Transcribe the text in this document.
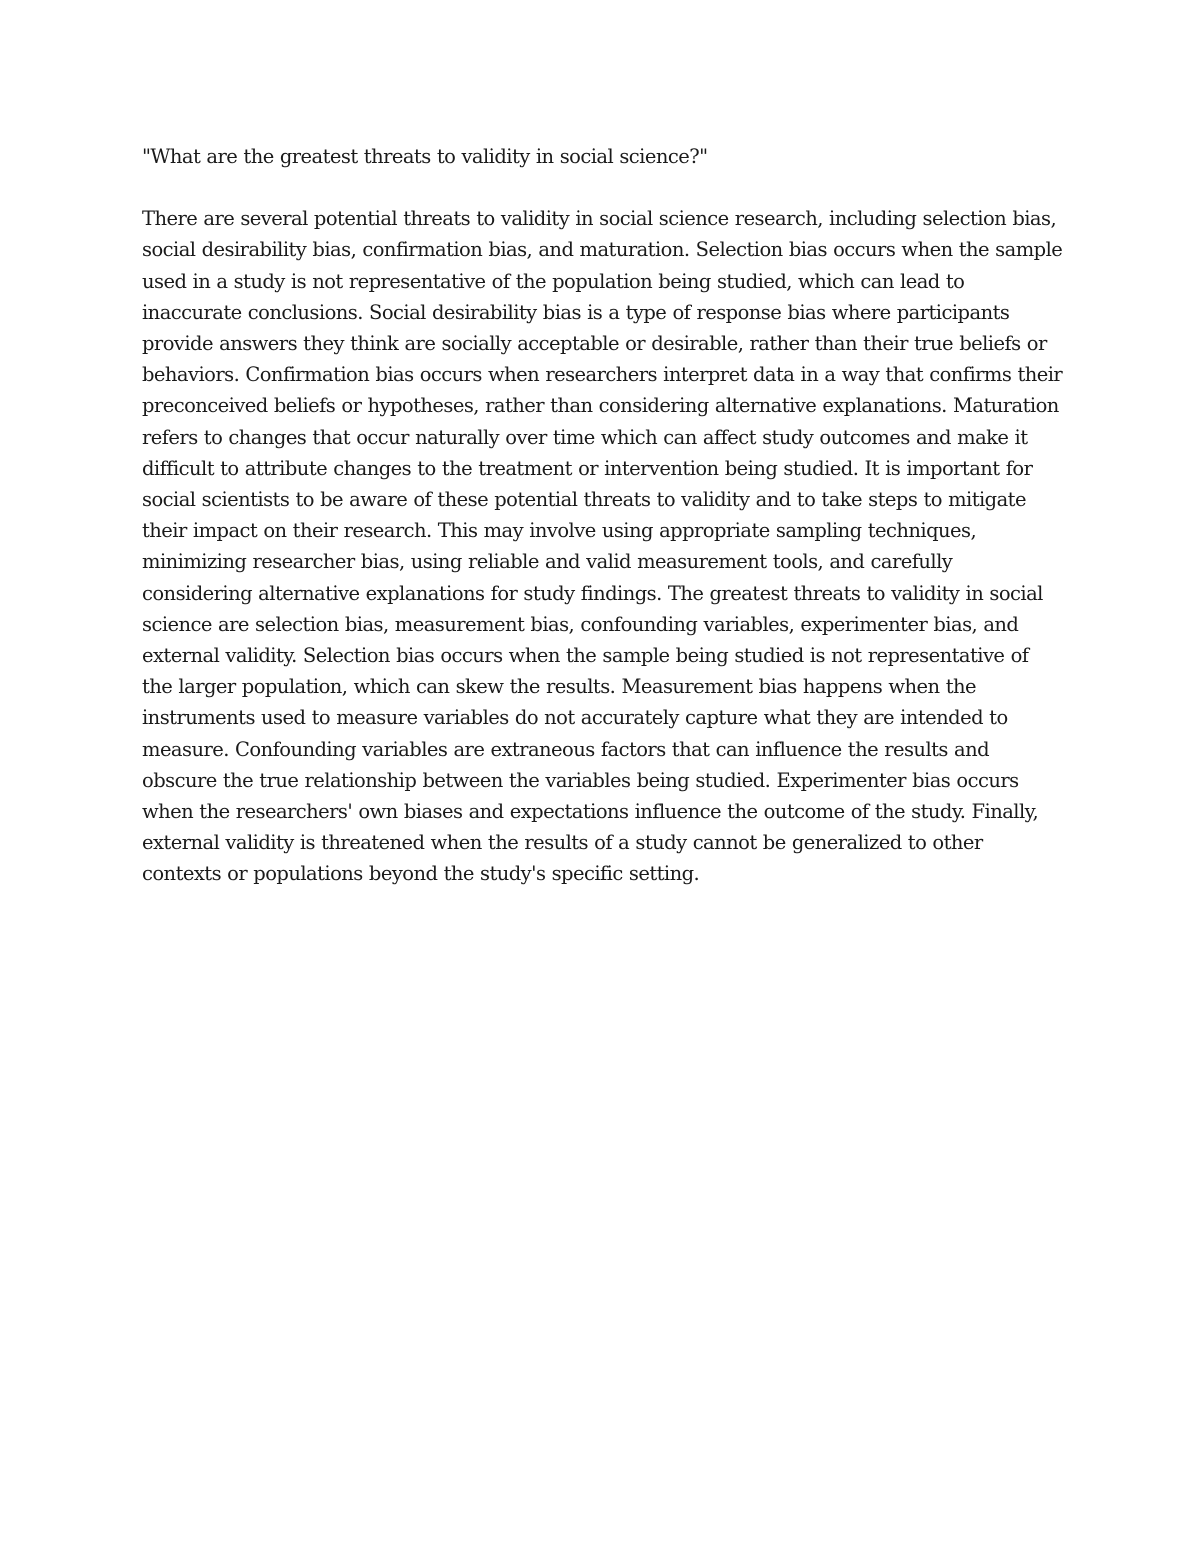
"What are the greatest threats to validity in social science?"

There are several potential threats to validity in social science research, including selection bias, social desirability bias, confirmation bias, and maturation. Selection bias occurs when the sample used in a study is not representative of the population being studied, which can lead to inaccurate conclusions. Social desirability bias is a type of response bias where participants provide answers they think are socially acceptable or desirable, rather than their true beliefs or behaviors. Confirmation bias occurs when researchers interpret data in a way that confirms their preconceived beliefs or hypotheses, rather than considering alternative explanations. Maturation refers to changes that occur naturally over time which can affect study outcomes and make it difficult to attribute changes to the treatment or intervention being studied. It is important for social scientists to be aware of these potential threats to validity and to take steps to mitigate their impact on their research. This may involve using appropriate sampling techniques, minimizing researcher bias, using reliable and valid measurement tools, and carefully considering alternative explanations for study findings. The greatest threats to validity in social science are selection bias, measurement bias, confounding variables, experimenter bias, and external validity. Selection bias occurs when the sample being studied is not representative of the larger population, which can skew the results. Measurement bias happens when the instruments used to measure variables do not accurately capture what they are intended to measure. Confounding variables are extraneous factors that can influence the results and obscure the true relationship between the variables being studied. Experimenter bias occurs when the researchers' own biases and expectations influence the outcome of the study. Finally, external validity is threatened when the results of a study cannot be generalized to other contexts or populations beyond the study's specific setting.
